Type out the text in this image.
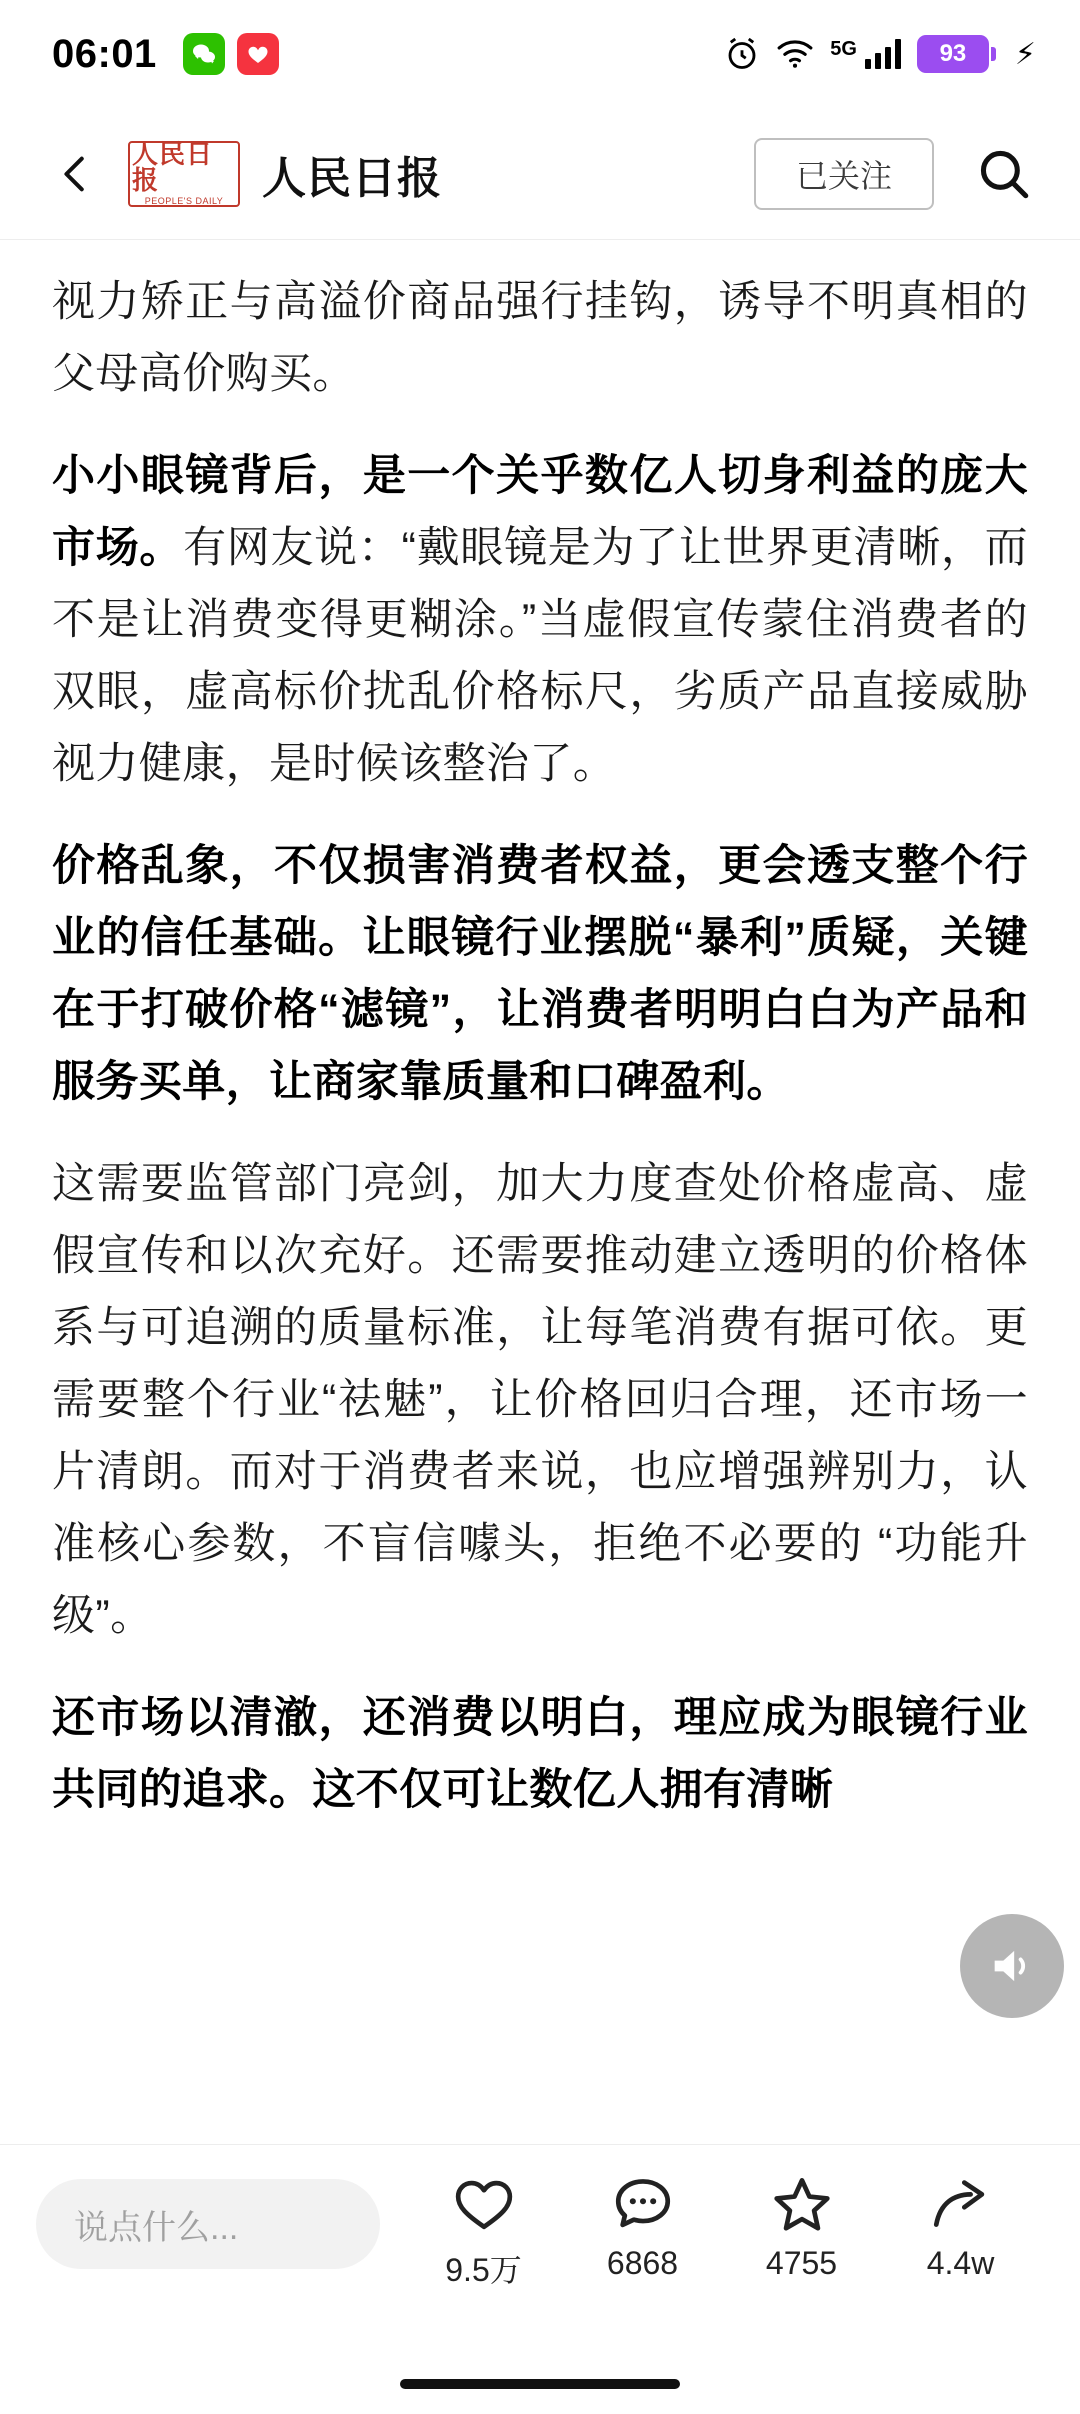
06:01	5G	93 ⚡
人民日报
PEOPLE'S DAILY 人民日报	已关注

视力矫正与高溢价商品强行挂钩，诱导不明真相的父母高价购买。

小小眼镜背后，是一个关乎数亿人切身利益的庞大市场。有网友说：“戴眼镜是为了让世界更清晰，而不是让消费变得更糊涂。”当虚假宣传蒙住消费者的双眼，虚高标价扰乱价格标尺，劣质产品直接威胁视力健康，是时候该整治了。

价格乱象，不仅损害消费者权益，更会透支整个行业的信任基础。让眼镜行业摆脱“暴利”质疑，关键在于打破价格“滤镜”，让消费者明明白白为产品和服务买单，让商家靠质量和口碑盈利。

这需要监管部门亮剑，加大力度查处价格虚高、虚假宣传和以次充好。还需要推动建立透明的价格体系与可追溯的质量标准，让每笔消费有据可依。更需要整个行业“祛魅”，让价格回归合理，还市场一片清朗。而对于消费者来说，也应增强辨别力，认准核心参数，不盲信噱头，拒绝不必要的 “功能升级”。

还市场以清澈，还消费以明白，理应成为眼镜行业共同的追求。这不仅可让数亿人拥有清晰

说点什么...
9.5万	6868	4755	4.4w
